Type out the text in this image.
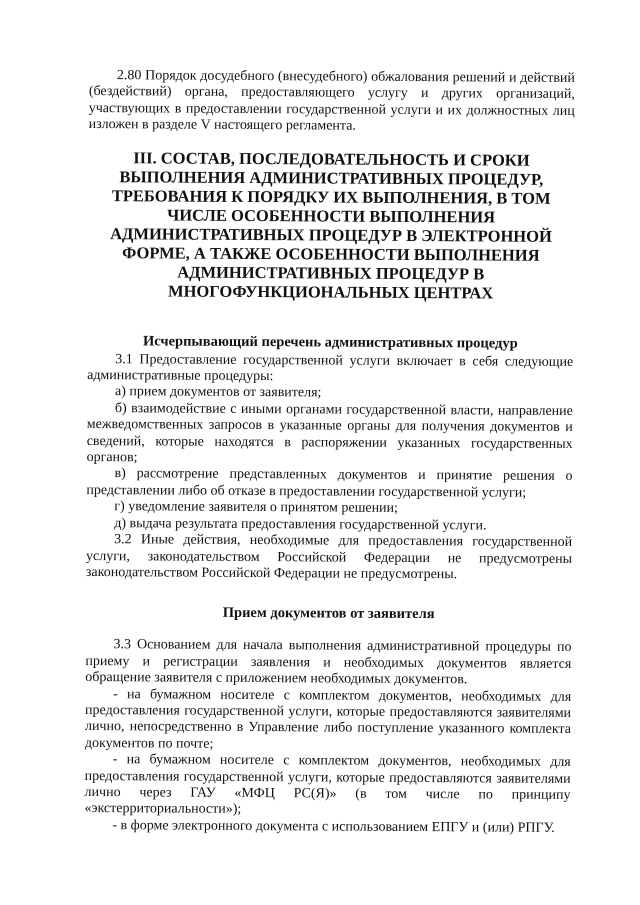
2.80 Порядок досудебного (внесудебного) обжалования решений и действий (бездействий) органа, предоставляющего услугу и других организаций, участвующих в предоставлении государственной услуги и их должностных лиц изложен в разделе V настоящего регламента.

III. СОСТАВ, ПОСЛЕДОВАТЕЛЬНОСТЬ И СРОКИ ВЫПОЛНЕНИЯ АДМИНИСТРАТИВНЫХ ПРОЦЕДУР, ТРЕБОВАНИЯ К ПОРЯДКУ ИХ ВЫПОЛНЕНИЯ, В ТОМ ЧИСЛЕ ОСОБЕННОСТИ ВЫПОЛНЕНИЯ АДМИНИСТРАТИВНЫХ ПРОЦЕДУР В ЭЛЕКТРОННОЙ ФОРМЕ, А ТАКЖЕ ОСОБЕННОСТИ ВЫПОЛНЕНИЯ АДМИНИСТРАТИВНЫХ ПРОЦЕДУР В МНОГОФУНКЦИОНАЛЬНЫХ ЦЕНТРАХ
Исчерпывающий перечень административных процедур

3.1 Предоставление государственной услуги включает в себя следующие административные процедуры:

а) прием документов от заявителя;

б) взаимодействие с иными органами государственной власти, направление межведомственных запросов в указанные органы для получения документов и сведений, которые находятся в распоряжении указанных государственных органов;

в) рассмотрение представленных документов и принятие решения о представлении либо об отказе в предоставлении государственной услуги;

г) уведомление заявителя о принятом решении;

д) выдача результата предоставления государственной услуги.

3.2 Иные действия, необходимые для предоставления государственной услуги, законодательством Российской Федерации не предусмотрены законодательством Российской Федерации не предусмотрены.

Прием документов от заявителя

3.3 Основанием для начала выполнения административной процедуры по приему и регистрации заявления и необходимых документов является обращение заявителя с приложением необходимых документов.

- на бумажном носителе с комплектом документов, необходимых для предоставления государственной услуги, которые предоставляются заявителями лично, непосредственно в Управление либо поступление указанного комплекта документов по почте;

- на бумажном носителе с комплектом документов, необходимых для предоставления государственной услуги, которые предоставляются заявителями лично через ГАУ «МФЦ РС(Я)» (в том числе по принципу «экстерриториальности»);

- в форме электронного документа с использованием ЕПГУ и (или) РПГУ.
